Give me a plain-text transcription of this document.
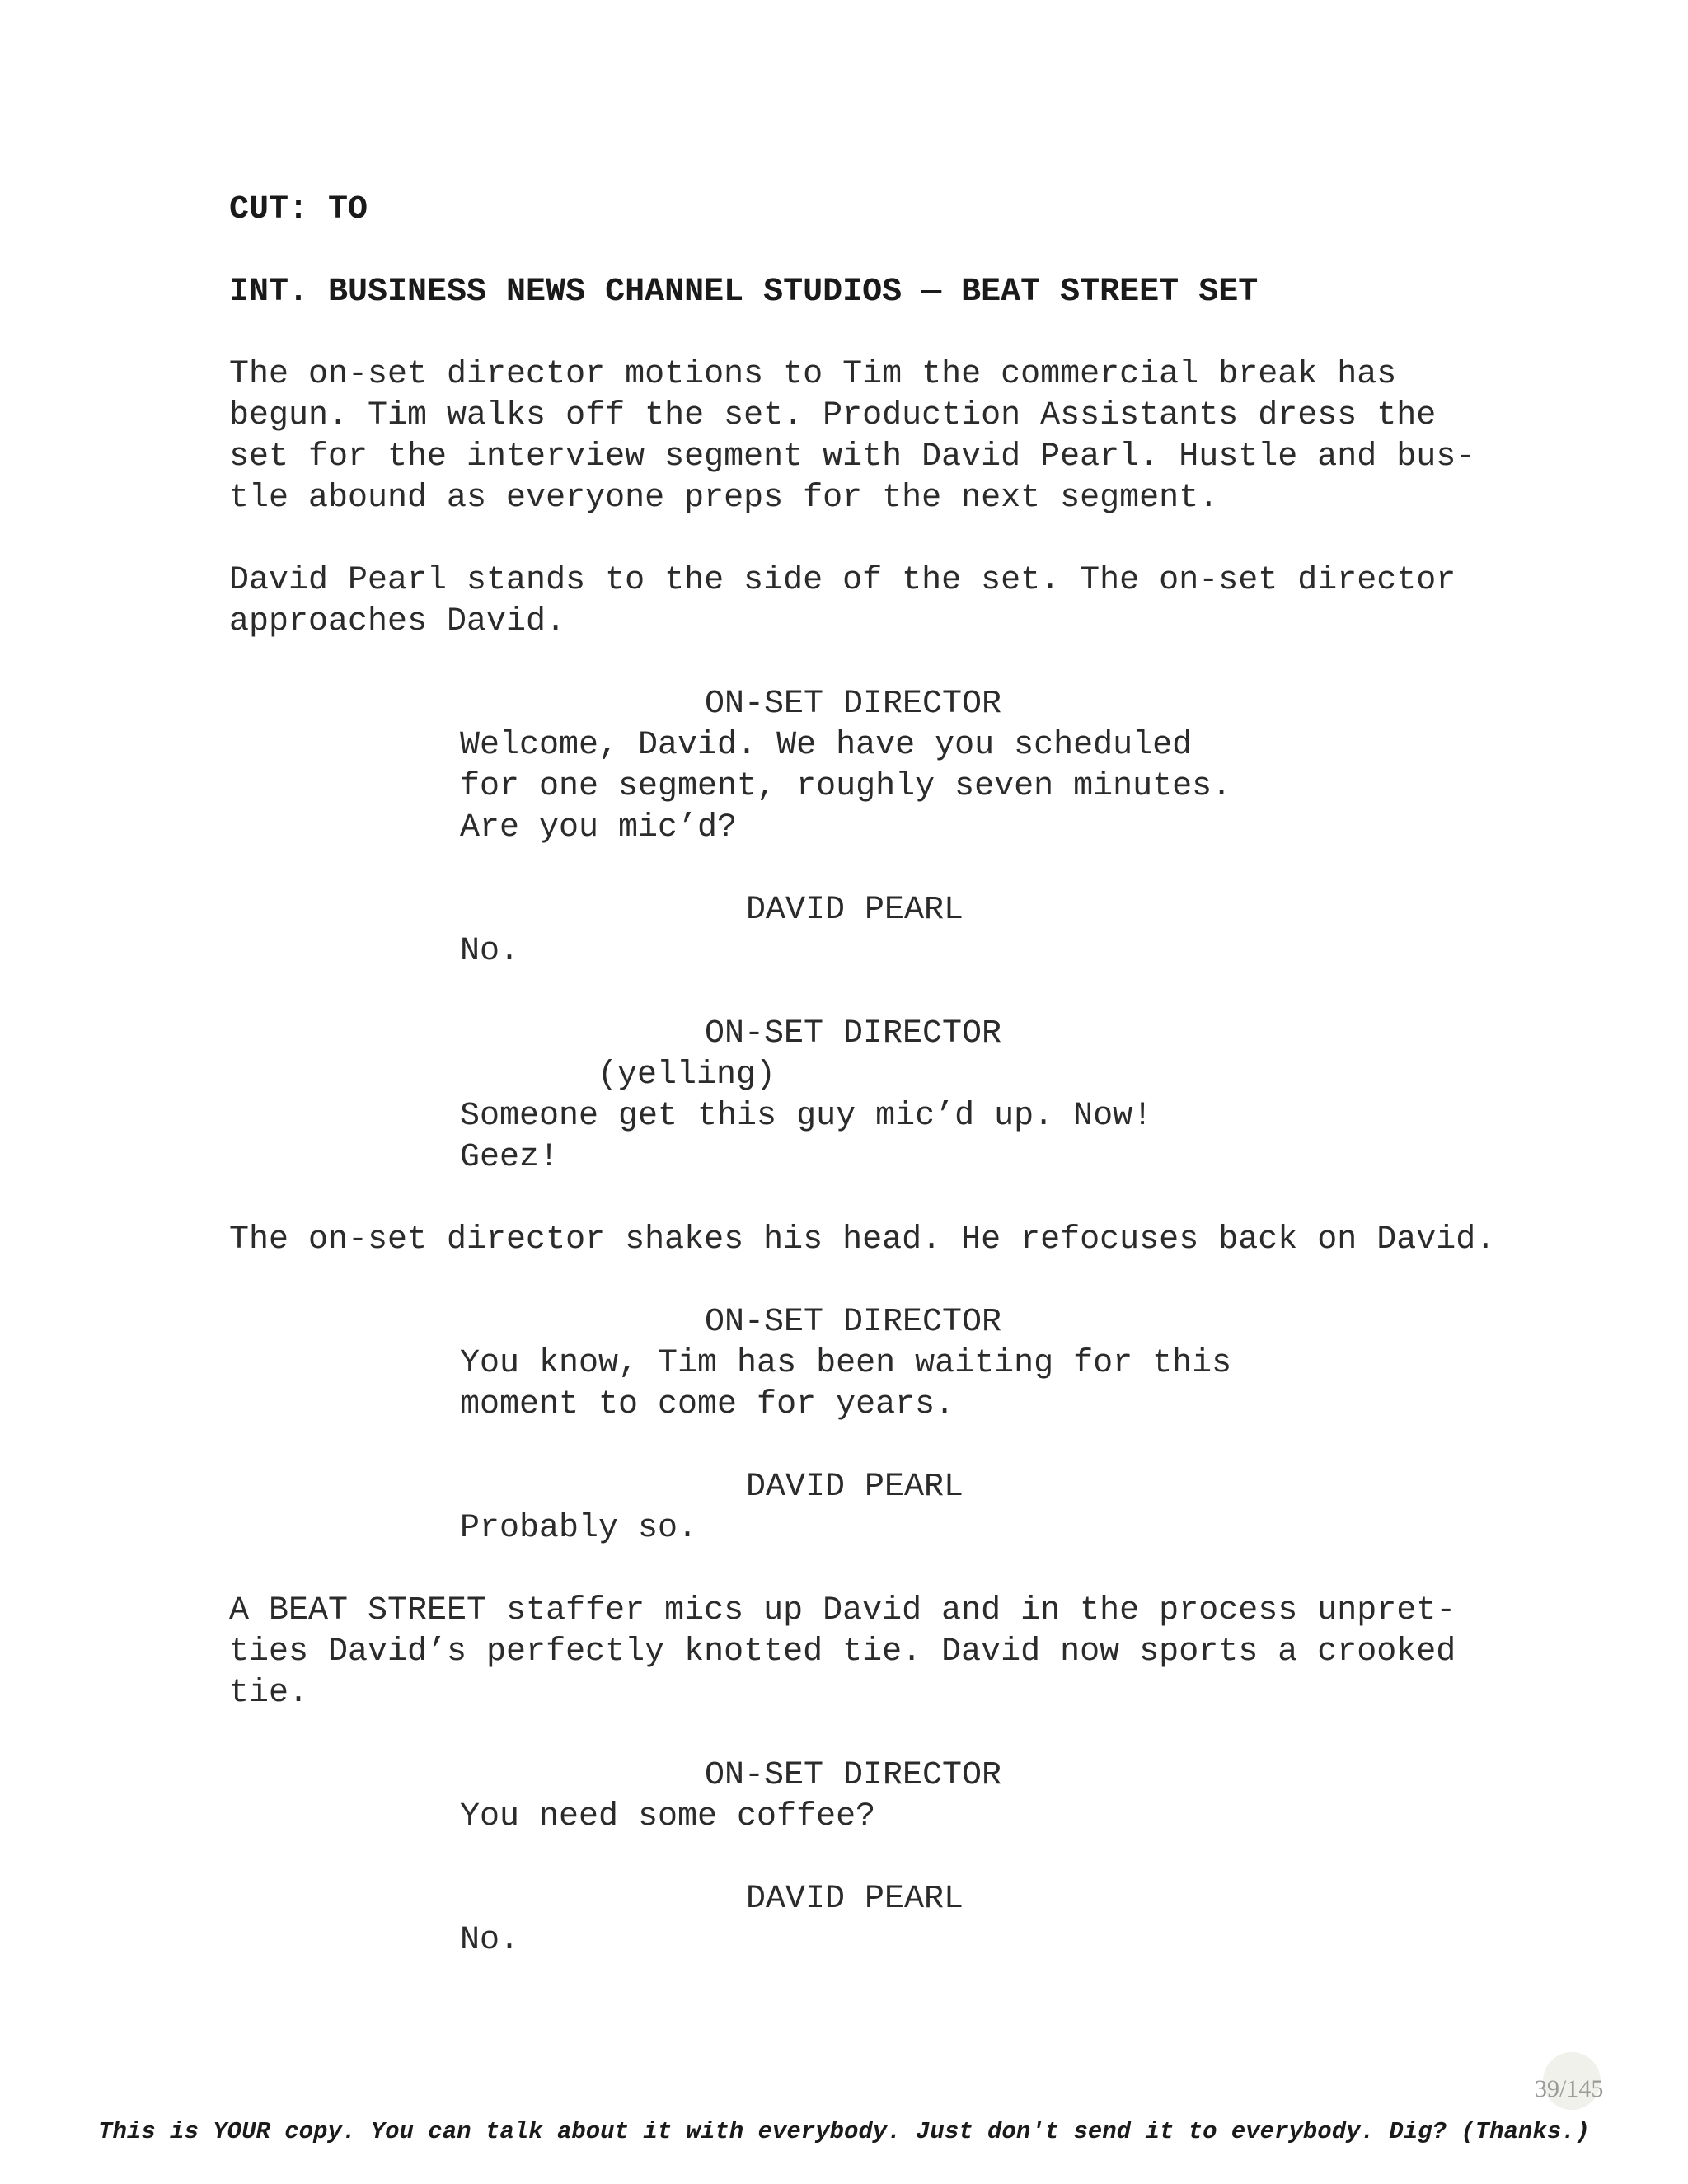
CUT: TO
INT. BUSINESS NEWS CHANNEL STUDIOS — BEAT STREET SET
The on-set director motions to Tim the commercial break has
begun. Tim walks off the set. Production Assistants dress the
set for the interview segment with David Pearl. Hustle and bus-
tle abound as everyone preps for the next segment.
David Pearl stands to the side of the set. The on-set director
approaches David.
ON-SET DIRECTOR
Welcome, David. We have you scheduled
for one segment, roughly seven minutes.
Are you mic’d?
DAVID PEARL
No.
ON-SET DIRECTOR
(yelling)
Someone get this guy mic’d up. Now!
Geez!
The on-set director shakes his head. He refocuses back on David.
ON-SET DIRECTOR
You know, Tim has been waiting for this
moment to come for years.
DAVID PEARL
Probably so.
A BEAT STREET staffer mics up David and in the process unpret-
ties David’s perfectly knotted tie. David now sports a crooked
tie.
ON-SET DIRECTOR
You need some coffee?
DAVID PEARL
No.
39/145
This is YOUR copy. You can talk about it with everybody. Just don't send it to everybody. Dig? (Thanks.)
